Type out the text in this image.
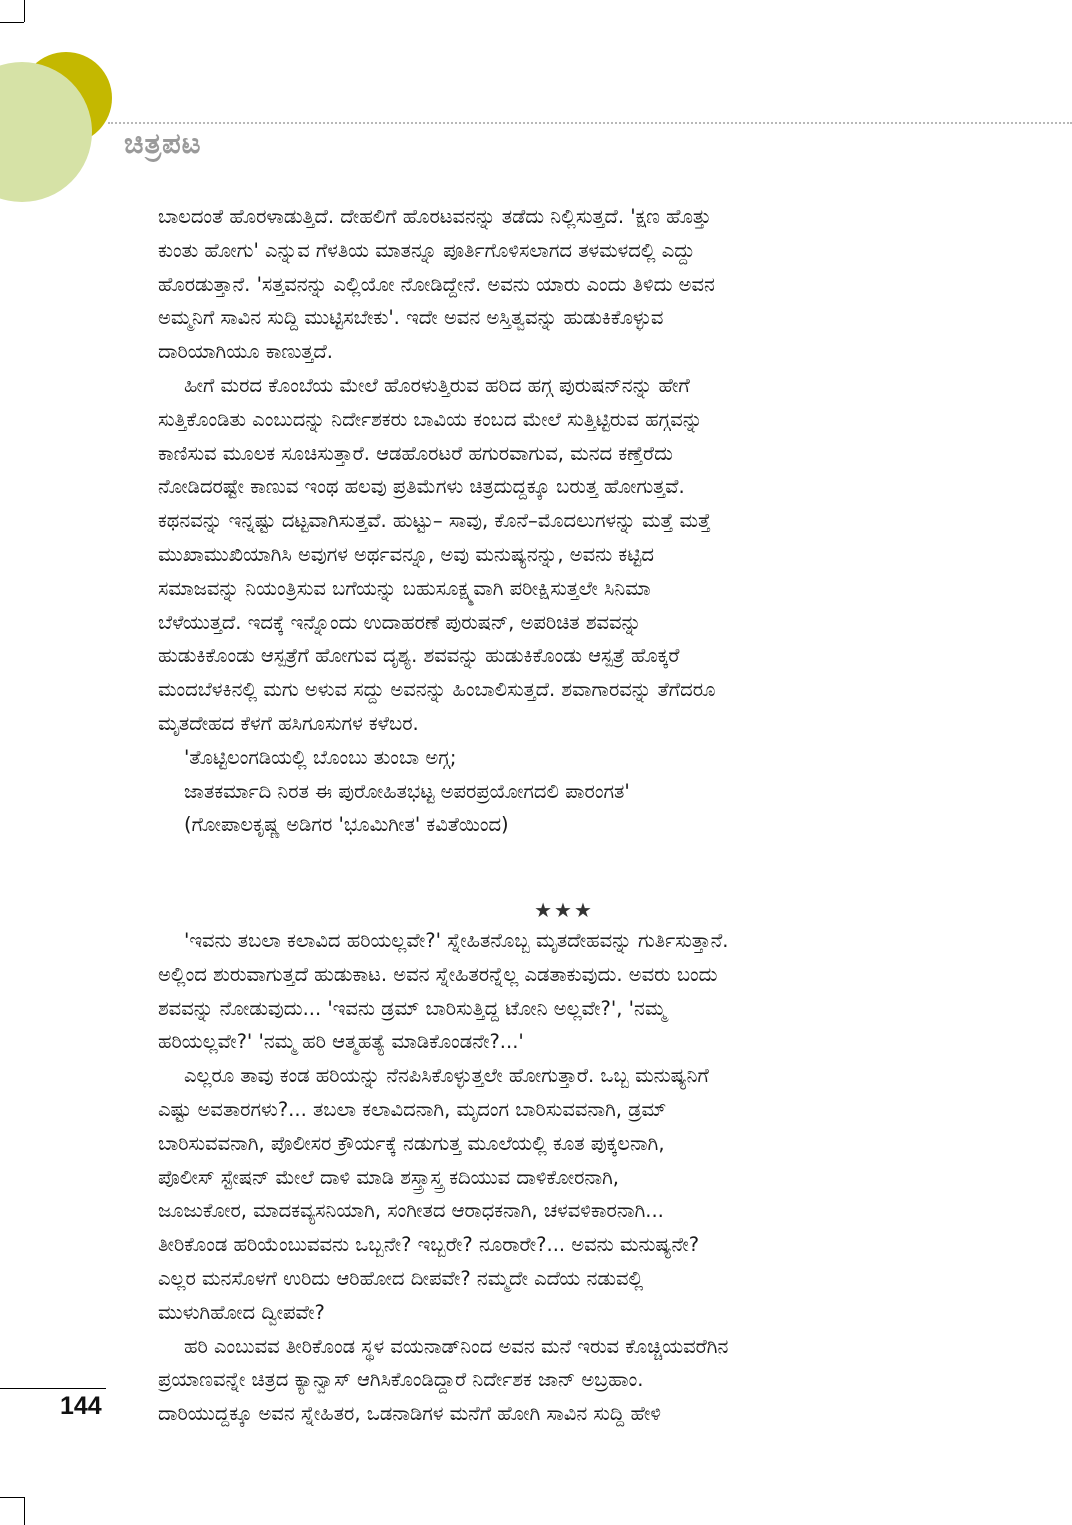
ಚಿತ್ರಪಟ
ಬಾಲದಂತೆ ಹೊರಳಾಡುತ್ತಿದೆ. ದೇಹಲಿಗೆ ಹೊರಟವನನ್ನು ತಡೆದು ನಿಲ್ಲಿಸುತ್ತದೆ. 'ಕ್ಷಣ ಹೊತ್ತು
ಕುಂತು ಹೋಗು' ಎನ್ನುವ ಗೆಳತಿಯ ಮಾತನ್ನೂ ಪೂರ್ತಿಗೊಳಿಸಲಾಗದ ತಳಮಳದಲ್ಲಿ ಎದ್ದು
ಹೊರಡುತ್ತಾನೆ. 'ಸತ್ತವನನ್ನು ಎಲ್ಲಿಯೋ ನೋಡಿದ್ದೇನೆ. ಅವನು ಯಾರು ಎಂದು ತಿಳಿದು ಅವನ
ಅಮ್ಮನಿಗೆ ಸಾವಿನ ಸುದ್ದಿ ಮುಟ್ಟಿಸಬೇಕು'. ಇದೇ ಅವನ ಅಸ್ತಿತ್ವವನ್ನು ಹುಡುಕಿಕೊಳ್ಳುವ
ದಾರಿಯಾಗಿಯೂ ಕಾಣುತ್ತದೆ.
ಹೀಗೆ ಮರದ ಕೊಂಬೆಯ ಮೇಲೆ ಹೊರಳುತ್ತಿರುವ ಹರಿದ ಹಗ್ಗ ಪುರುಷನ್‌ನನ್ನು ಹೇಗೆ
ಸುತ್ತಿಕೊಂಡಿತು ಎಂಬುದನ್ನು ನಿರ್ದೇಶಕರು ಬಾವಿಯ ಕಂಬದ ಮೇಲೆ ಸುತ್ತಿಟ್ಟಿರುವ ಹಗ್ಗವನ್ನು
ಕಾಣಿಸುವ ಮೂಲಕ ಸೂಚಿಸುತ್ತಾರೆ. ಆಡಹೊರಟರೆ ಹಗುರವಾಗುವ, ಮನದ ಕಣ್ತೆರೆದು
ನೋಡಿದರಷ್ಟೇ ಕಾಣುವ ಇಂಥ ಹಲವು ಪ್ರತಿಮೆಗಳು ಚಿತ್ರದುದ್ದಕ್ಕೂ ಬರುತ್ತ ಹೋಗುತ್ತವೆ.
ಕಥನವನ್ನು ಇನ್ನಷ್ಟು ದಟ್ಟವಾಗಿಸುತ್ತವೆ. ಹುಟ್ಟು– ಸಾವು, ಕೊನೆ–ಮೊದಲುಗಳನ್ನು ಮತ್ತೆ ಮತ್ತೆ
ಮುಖಾಮುಖಿಯಾಗಿಸಿ ಅವುಗಳ ಅರ್ಥವನ್ನೂ, ಅವು ಮನುಷ್ಯನನ್ನು, ಅವನು ಕಟ್ಟಿದ
ಸಮಾಜವನ್ನು ನಿಯಂತ್ರಿಸುವ ಬಗೆಯನ್ನು ಬಹುಸೂಕ್ಷ್ಮವಾಗಿ ಪರೀಕ್ಷಿಸುತ್ತಲೇ ಸಿನಿಮಾ
ಬೆಳೆಯುತ್ತದೆ. ಇದಕ್ಕೆ ಇನ್ನೊಂದು ಉದಾಹರಣೆ ಪುರುಷನ್, ಅಪರಿಚಿತ ಶವವನ್ನು
ಹುಡುಕಿಕೊಂಡು ಆಸ್ಪತ್ರೆಗೆ ಹೋಗುವ ದೃಶ್ಯ. ಶವವನ್ನು ಹುಡುಕಿಕೊಂಡು ಆಸ್ಪತ್ರೆ ಹೊಕ್ಕರೆ
ಮಂದಬೆಳಕಿನಲ್ಲಿ ಮಗು ಅಳುವ ಸದ್ದು ಅವನನ್ನು ಹಿಂಬಾಲಿಸುತ್ತದೆ. ಶವಾಗಾರವನ್ನು ತೆಗೆದರೂ
ಮೃತದೇಹದ ಕೆಳಗೆ ಹಸಿಗೂಸುಗಳ ಕಳೆಬರ.
'ತೊಟ್ಟಿಲಂಗಡಿಯಲ್ಲಿ ಬೊಂಬು ತುಂಬಾ ಅಗ್ಗ;
ಜಾತಕರ್ಮಾದಿ ನಿರತ ಈ ಪುರೋಹಿತಭಟ್ಟ ಅಪರಪ್ರಯೋಗದಲಿ ಪಾರಂಗತ'
(ಗೋಪಾಲಕೃಷ್ಣ ಅಡಿಗರ 'ಭೂಮಿಗೀತ' ಕವಿತೆಯಿಂದ)
★★★
'ಇವನು ತಬಲಾ ಕಲಾವಿದ ಹರಿಯಲ್ಲವೇ?' ಸ್ನೇಹಿತನೊಬ್ಬ ಮೃತದೇಹವನ್ನು ಗುರ್ತಿಸುತ್ತಾನೆ.
ಅಲ್ಲಿಂದ ಶುರುವಾಗುತ್ತದೆ ಹುಡುಕಾಟ. ಅವನ ಸ್ನೇಹಿತರನ್ನೆಲ್ಲ ಎಡತಾಕುವುದು. ಅವರು ಬಂದು
ಶವವನ್ನು ನೋಡುವುದು... 'ಇವನು ಡ್ರಮ್ ಬಾರಿಸುತ್ತಿದ್ದ ಟೋನಿ ಅಲ್ಲವೇ?', 'ನಮ್ಮ
ಹರಿಯಲ್ಲವೇ?' 'ನಮ್ಮ ಹರಿ ಆತ್ಮಹತ್ಯೆ ಮಾಡಿಕೊಂಡನೇ?...'
ಎಲ್ಲರೂ ತಾವು ಕಂಡ ಹರಿಯನ್ನು ನೆನಪಿಸಿಕೊಳ್ಳುತ್ತಲೇ ಹೋಗುತ್ತಾರೆ. ಒಬ್ಬ ಮನುಷ್ಯನಿಗೆ
ಎಷ್ಟು ಅವತಾರಗಳು?... ತಬಲಾ ಕಲಾವಿದನಾಗಿ, ಮೃದಂಗ ಬಾರಿಸುವವನಾಗಿ, ಡ್ರಮ್
ಬಾರಿಸುವವನಾಗಿ, ಪೊಲೀಸರ ಕ್ರೌರ್ಯಕ್ಕೆ ನಡುಗುತ್ತ ಮೂಲೆಯಲ್ಲಿ ಕೂತ ಪುಕ್ಕಲನಾಗಿ,
ಪೊಲೀಸ್ ಸ್ಟೇಷನ್ ಮೇಲೆ ದಾಳಿ ಮಾಡಿ ಶಸ್ತ್ರಾಸ್ತ್ರ ಕದಿಯುವ ದಾಳಿಕೋರನಾಗಿ,
ಜೂಜುಕೋರ, ಮಾದಕವ್ಯಸನಿಯಾಗಿ, ಸಂಗೀತದ ಆರಾಧಕನಾಗಿ, ಚಳವಳಿಕಾರನಾಗಿ...
ತೀರಿಕೊಂಡ ಹರಿಯೆಂಬುವವನು ಒಬ್ಬನೇ? ಇಬ್ಬರೇ? ನೂರಾರೇ?... ಅವನು ಮನುಷ್ಯನೇ?
ಎಲ್ಲರ ಮನಸೊಳಗೆ ಉರಿದು ಆರಿಹೋದ ದೀಪವೇ? ನಮ್ಮದೇ ಎದೆಯ ನಡುವಲ್ಲಿ
ಮುಳುಗಿಹೋದ ದ್ವೀಪವೇ?
ಹರಿ ಎಂಬುವವ ತೀರಿಕೊಂಡ ಸ್ಥಳ ವಯನಾಡ್‌ನಿಂದ ಅವನ ಮನೆ ಇರುವ ಕೊಚ್ಚಿಯವರೆಗಿನ
ಪ್ರಯಾಣವನ್ನೇ ಚಿತ್ರದ ಕ್ಯಾನ್ವಾಸ್ ಆಗಿಸಿಕೊಂಡಿದ್ದಾರೆ ನಿರ್ದೇಶಕ ಜಾನ್ ಅಬ್ರಹಾಂ.
ದಾರಿಯುದ್ದಕ್ಕೂ ಅವನ ಸ್ನೇಹಿತರ, ಒಡನಾಡಿಗಳ ಮನೆಗೆ ಹೋಗಿ ಸಾವಿನ ಸುದ್ದಿ ಹೇಳಿ
144
